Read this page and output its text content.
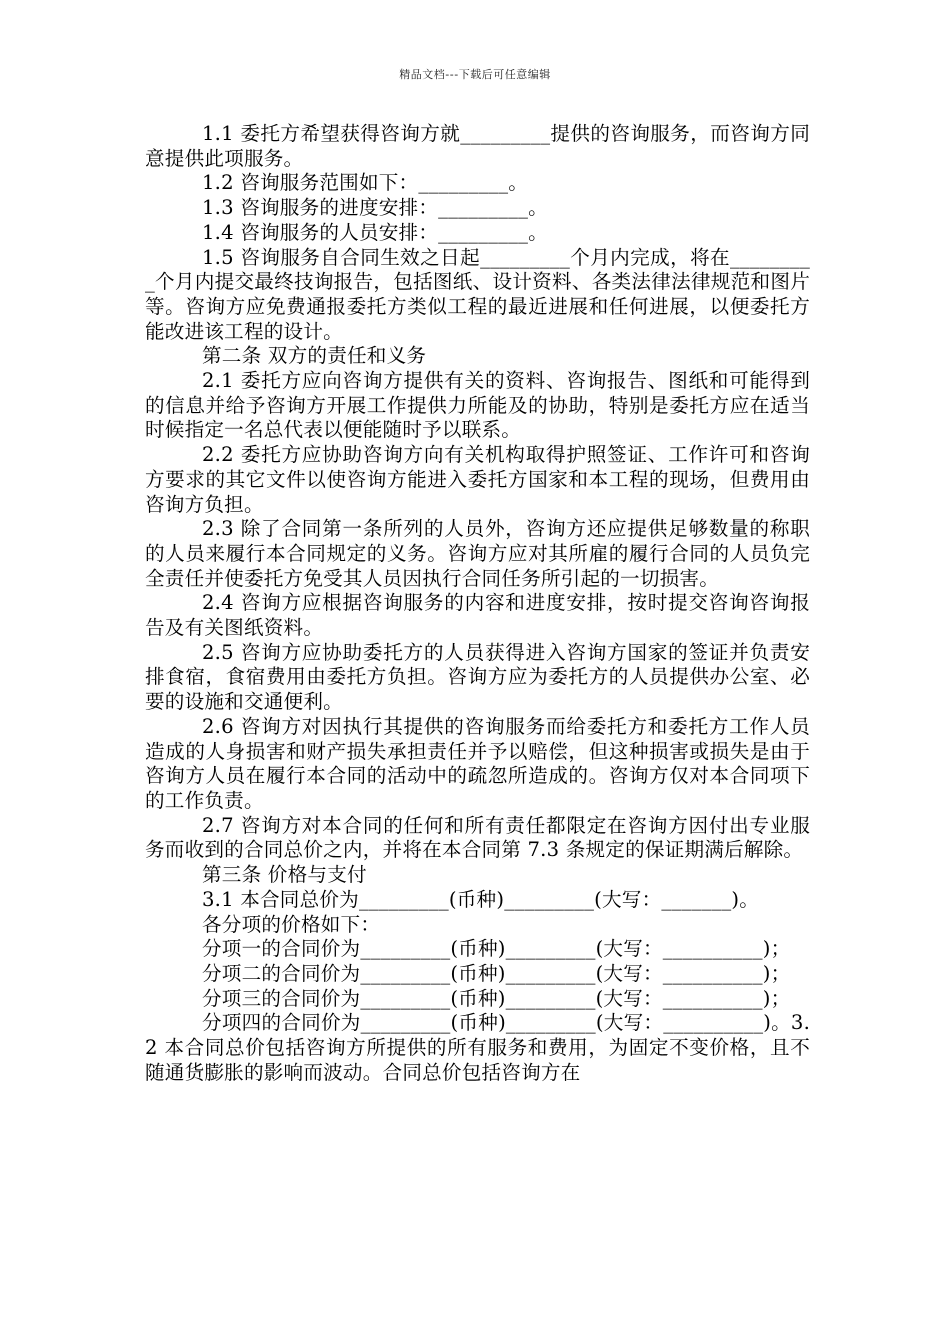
精品文档---下载后可任意编辑

1.1 委托方希望获得咨询方就_________提供的咨询服务，而咨询方同意提供此项服务。

1.2 咨询服务范围如下：_________。

1.3 咨询服务的进度安排：_________。

1.4 咨询服务的人员安排：_________。

1.5 咨询服务自合同生效之日起_________个月内完成，将在_________个月内提交最终技询报告，包括图纸、设计资料、各类法律法律规范和图片等。咨询方应免费通报委托方类似工程的最近进展和任何进展，以便委托方能改进该工程的设计。

第二条 双方的责任和义务

2.1 委托方应向咨询方提供有关的资料、咨询报告、图纸和可能得到的信息并给予咨询方开展工作提供力所能及的协助，特别是委托方应在适当时候指定一名总代表以便能随时予以联系。

2.2 委托方应协助咨询方向有关机构取得护照签证、工作许可和咨询方要求的其它文件以使咨询方能进入委托方国家和本工程的现场，但费用由咨询方负担。

2.3 除了合同第一条所列的人员外，咨询方还应提供足够数量的称职的人员来履行本合同规定的义务。咨询方应对其所雇的履行合同的人员负完全责任并使委托方免受其人员因执行合同任务所引起的一切损害。

2.4 咨询方应根据咨询服务的内容和进度安排，按时提交咨询咨询报告及有关图纸资料。

2.5 咨询方应协助委托方的人员获得进入咨询方国家的签证并负责安排食宿，食宿费用由委托方负担。咨询方应为委托方的人员提供办公室、必要的设施和交通便利。

2.6 咨询方对因执行其提供的咨询服务而给委托方和委托方工作人员造成的人身损害和财产损失承担责任并予以赔偿，但这种损害或损失是由于咨询方人员在履行本合同的活动中的疏忽所造成的。咨询方仅对本合同项下的工作负责。

2.7 咨询方对本合同的任何和所有责任都限定在咨询方因付出专业服务而收到的合同总价之内，并将在本合同第 7.3 条规定的保证期满后解除。

第三条 价格与支付

3.1 本合同总价为_________(币种)_________(大写：_______)。

各分项的价格如下：

分项一的合同价为_________(币种)_________(大写：__________)；

分项二的合同价为_________(币种)_________(大写：__________)；

分项三的合同价为_________(币种)_________(大写：__________)；

分项四的合同价为_________(币种)_________(大写：__________)。3.2 本合同总价包括咨询方所提供的所有服务和费用，为固定不变价格，且不随通货膨胀的影响而波动。合同总价包括咨询方在
